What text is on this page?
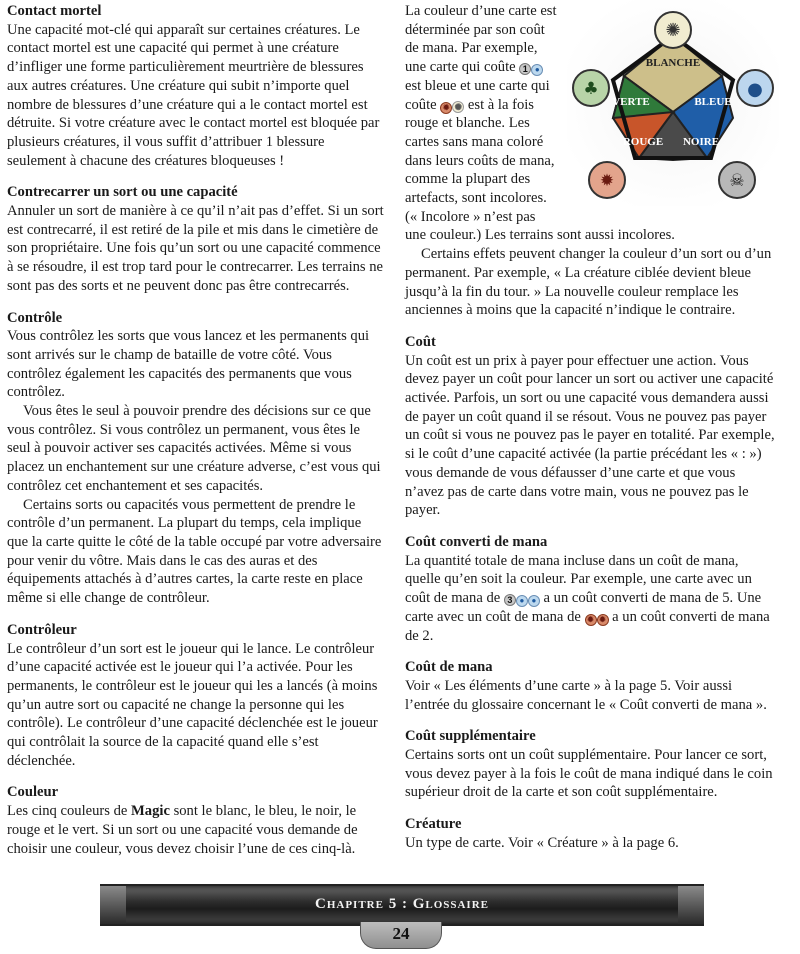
Contact mortel

Une capacité mot-clé qui apparaît sur certaines créatures. Le contact mortel est une capacité qui permet à une créature d’infliger une forme particulièrement meurtrière de blessures aux autres créatures. Une créature qui subit n’importe quel nombre de blessures d’une créature qui a le contact mortel est détruite. Si votre créature avec le contact mortel est bloquée par plusieurs créatures, il vous suffit d’attribuer 1 blessure seulement à chacune des créatures bloqueuses !

Contrecarrer un sort ou une capacité

Annuler un sort de manière à ce qu’il n’ait pas d’effet. Si un sort est contrecarré, il est retiré de la pile et mis dans le cimetière de son propriétaire. Une fois qu’un sort ou une capacité commence à se résoudre, il est trop tard pour le contrecarrer. Les terrains ne sont pas des sorts et ne peuvent donc pas être contrecarrés.

Contrôle

Vous contrôlez les sorts que vous lancez et les permanents qui sont arrivés sur le champ de bataille de votre côté. Vous contrôlez également les capacités des permanents que vous contrôlez.

Vous êtes le seul à pouvoir prendre des décisions sur ce que vous contrôlez. Si vous contrôlez un permanent, vous êtes le seul à pouvoir activer ses capacités activées. Même si vous placez un enchantement sur une créature adverse, c’est vous qui contrôlez cet enchantement et ses capacités.

Certains sorts ou capacités vous permettent de prendre le contrôle d’un permanent. La plupart du temps, cela implique que la carte quitte le côté de la table occupé par votre adversaire pour venir du vôtre. Mais dans le cas des auras et des équipements attachés à d’autres cartes, la carte reste en place même si elle change de contrôleur.

Contrôleur

Le contrôleur d’un sort est le joueur qui le lance. Le contrôleur d’une capacité activée est le joueur qui l’a activée. Pour les permanents, le contrôleur est le joueur qui les a lancés (à moins qu’un autre sort ou capacité ne change la personne qui les contrôle). Le contrôleur d’une capacité déclenchée est le joueur qui contrôlait la source de la capacité quand elle s’est déclenchée.

Couleur

Les cinq couleurs de Magic sont le blanc, le bleu, le noir, le rouge et le vert. Si un sort ou une capacité vous demande de choisir une couleur, vous devez choisir l’une de ces cinq-là.

✺
♣	●
✹	☠
BLANCHE
VERTE	BLEUE
ROUGE NOIRE

La couleur d’une carte est déterminée par son coût de mana. Par exemple, une carte qui coûte 1 ● est bleue et une carte qui coûte ✹ ✺ est à la fois rouge et blanche. Les cartes sans mana coloré dans leurs coûts de mana, comme la plupart des artefacts, sont incolores. (« Incolore » n’est pas une couleur.) Les terrains sont aussi incolores.

Certains effets peuvent changer la couleur d’un sort ou d’un permanent. Par exemple, « La créature ciblée devient bleue jusqu’à la fin du tour. » La nouvelle couleur remplace les anciennes à moins que la capacité n’indique le contraire.

Coût

Un coût est un prix à payer pour effectuer une action. Vous devez payer un coût pour lancer un sort ou activer une capacité activée. Parfois, un sort ou une capacité vous demandera aussi de payer un coût quand il se résout. Vous ne pouvez pas payer un coût si vous ne pouvez pas le payer en totalité. Par exemple, si le coût d’une capacité activée (la partie précédant les « : ») vous demande de vous défausser d’une carte et que vous n’avez pas de carte dans votre main, vous ne pouvez pas le payer.

Coût converti de mana

La quantité totale de mana incluse dans un coût de mana, quelle qu’en soit la couleur. Par exemple, une carte avec un coût de mana de 3 ● ● a un coût converti de mana de 5. Une carte avec un coût de mana de ✹ ✹ a un coût converti de mana de 2.

Coût de mana

Voir « Les éléments d’une carte » à la page 5. Voir aussi l’entrée du glossaire concernant le « Coût converti de mana ».

Coût supplémentaire

Certains sorts ont un coût supplémentaire. Pour lancer ce sort, vous devez payer à la fois le coût de mana indiqué dans le coin supérieur droit de la carte et son coût supplémentaire.

Créature

Un type de carte. Voir « Créature » à la page 6.

Chapitre 5 : Glossaire
24
